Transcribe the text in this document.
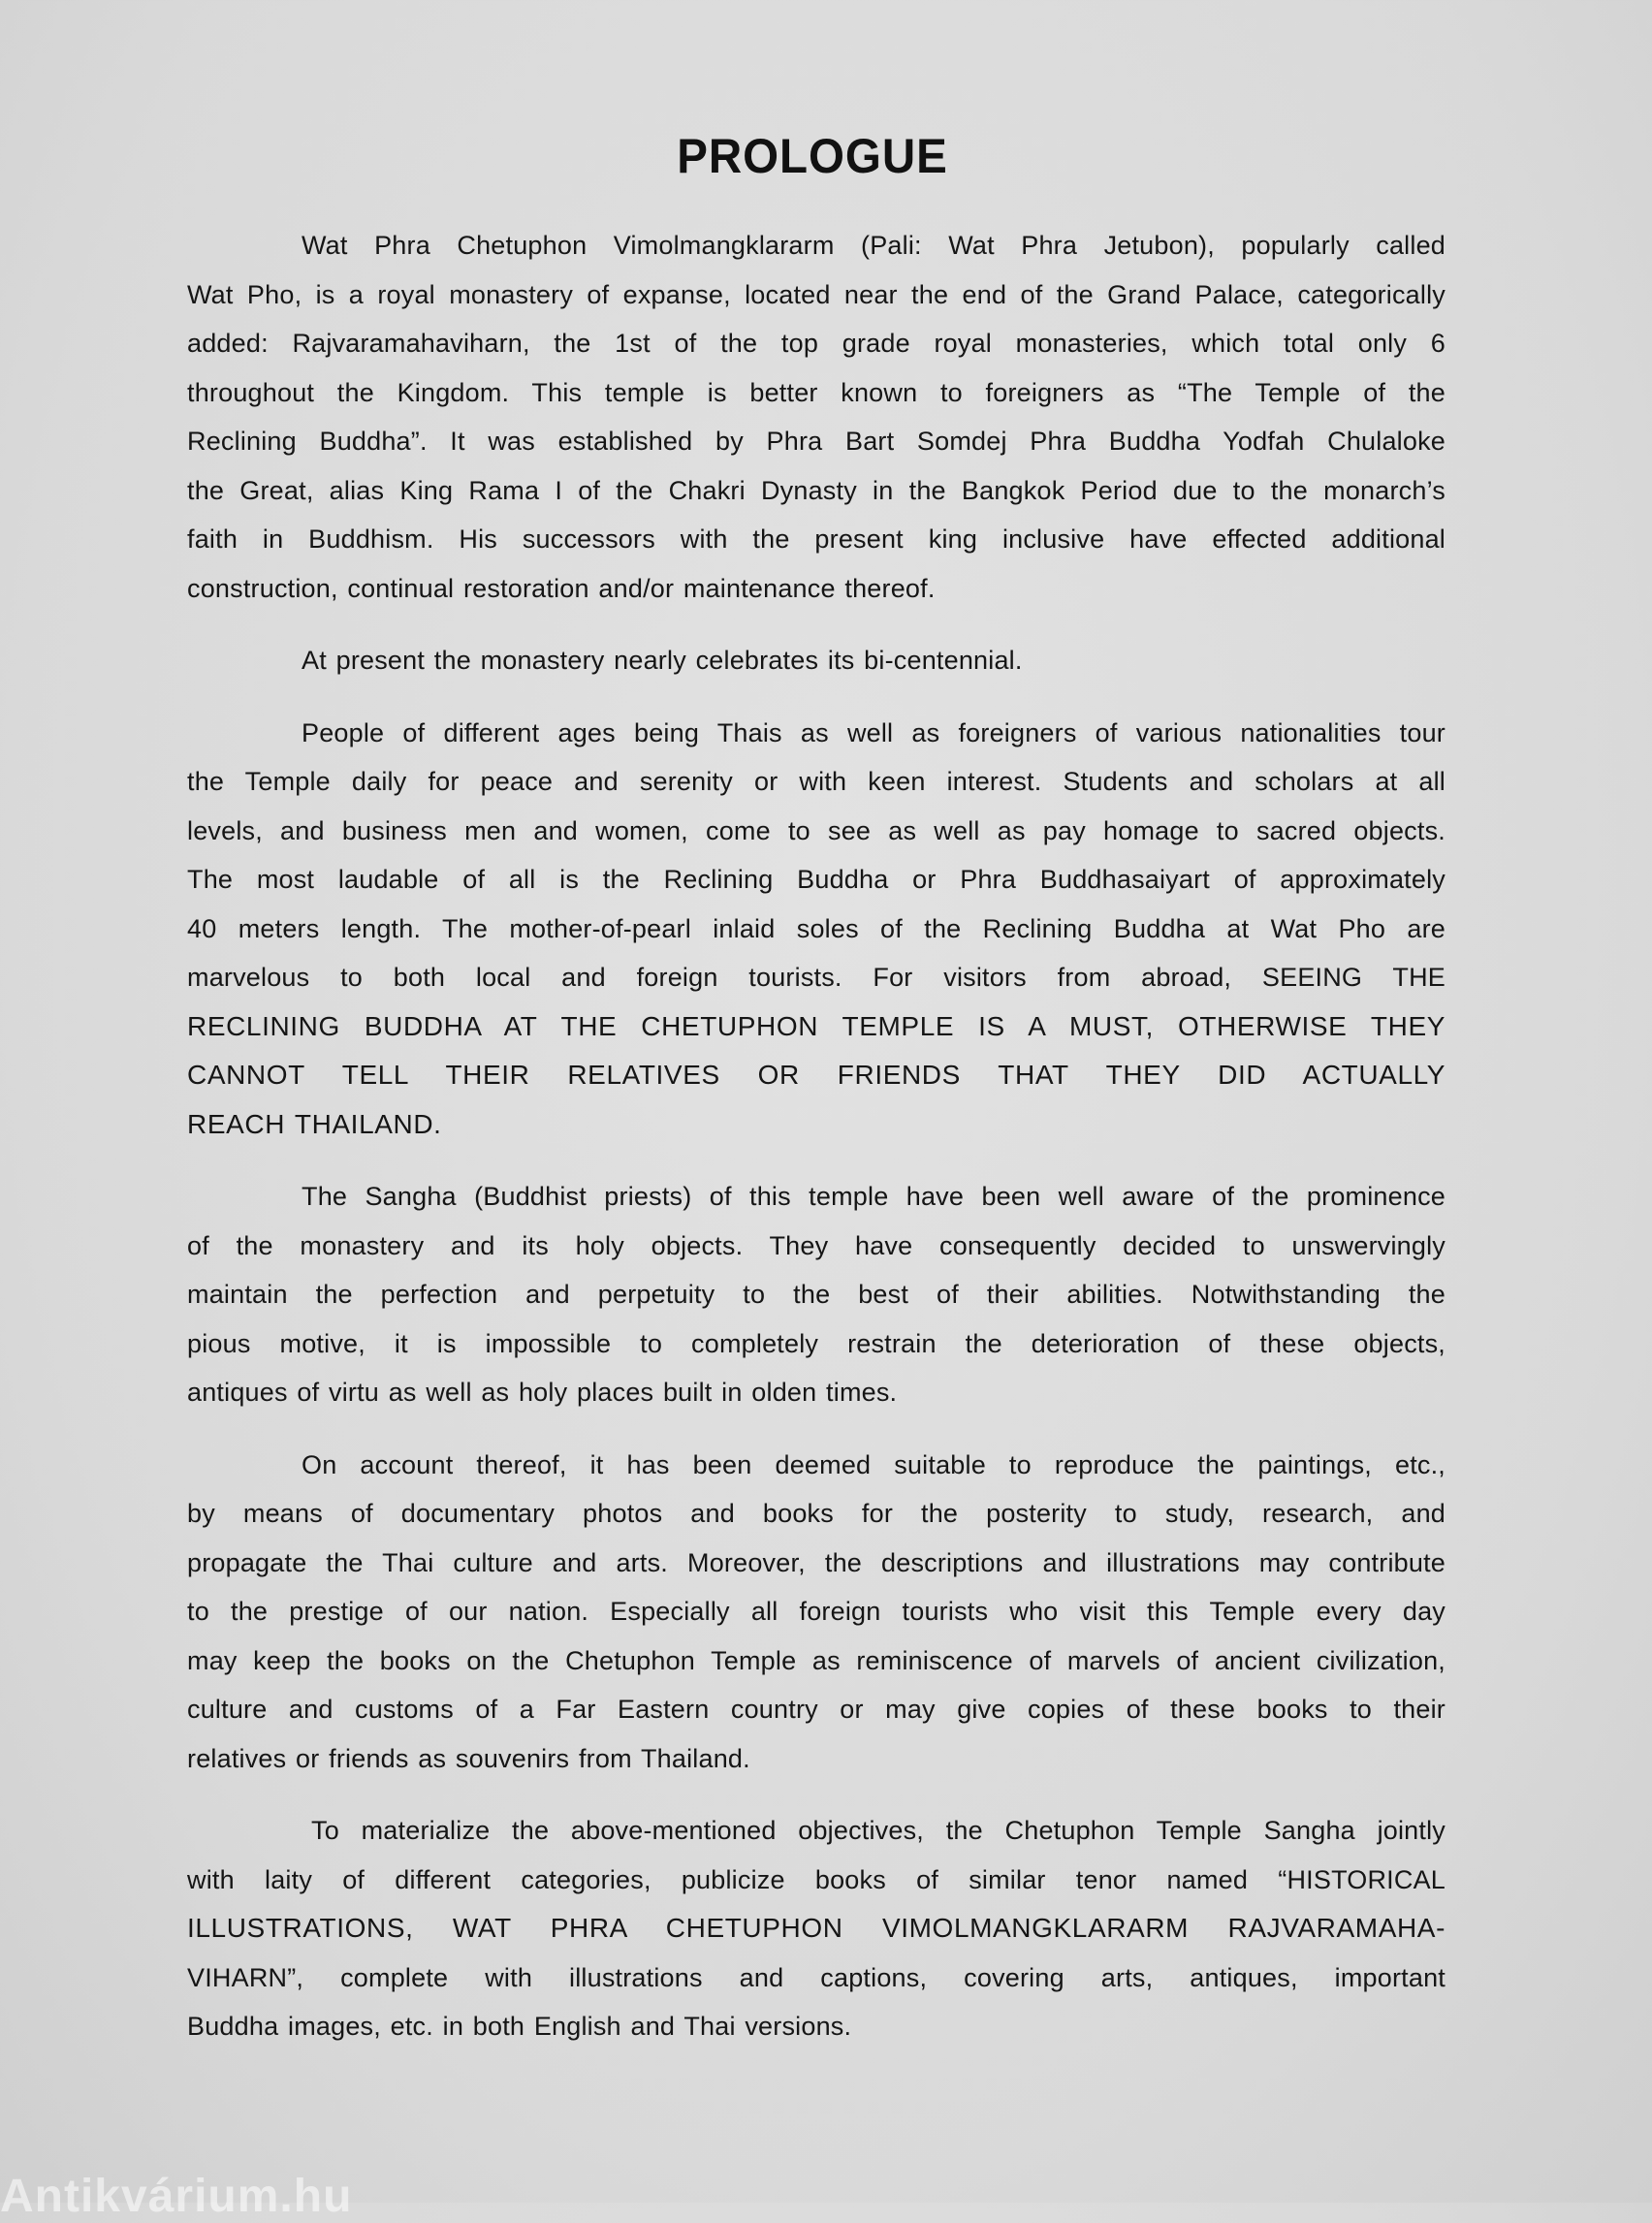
PROLOGUE

Wat Phra Chetuphon Vimolmangklararm (Pali: Wat Phra Jetubon), popularly called
Wat Pho, is a royal monastery of expanse, located near the end of the Grand Palace, categorically
added: Rajvaramahaviharn, the 1st of the top grade royal monasteries, which total only 6
throughout the Kingdom. This temple is better known to foreigners as “The Temple of the
Reclining Buddha”. It was established by Phra Bart Somdej Phra Buddha Yodfah Chulaloke
the Great, alias King Rama I of the Chakri Dynasty in the Bangkok Period due to the monarch’s
faith in Buddhism. His successors with the present king inclusive have effected additional
construction, continual restoration and/or maintenance thereof.

At present the monastery nearly celebrates its bi-centennial.

People of different ages being Thais as well as foreigners of various nationalities tour
the Temple daily for peace and serenity or with keen interest. Students and scholars at all
levels, and business men and women, come to see as well as pay homage to sacred objects.
The most laudable of all is the Reclining Buddha or Phra Buddhasaiyart of approximately
40 meters length. The mother-of-pearl inlaid soles of the Reclining Buddha at Wat Pho are
marvelous to both local and foreign tourists. For visitors from abroad, SEEING THE
RECLINING BUDDHA AT THE CHETUPHON TEMPLE IS A MUST, OTHERWISE THEY
CANNOT TELL THEIR RELATIVES OR FRIENDS THAT THEY DID ACTUALLY
REACH THAILAND.

The Sangha (Buddhist priests) of this temple have been well aware of the prominence
of the monastery and its holy objects. They have consequently decided to unswervingly
maintain the perfection and perpetuity to the best of their abilities. Notwithstanding the
pious motive, it is impossible to completely restrain the deterioration of these objects,
antiques of virtu as well as holy places built in olden times.

On account thereof, it has been deemed suitable to reproduce the paintings, etc.,
by means of documentary photos and books for the posterity to study, research, and
propagate the Thai culture and arts. Moreover, the descriptions and illustrations may contribute
to the prestige of our nation. Especially all foreign tourists who visit this Temple every day
may keep the books on the Chetuphon Temple as reminiscence of marvels of ancient civilization,
culture and customs of a Far Eastern country or may give copies of these books to their
relatives or friends as souvenirs from Thailand.

To materialize the above-mentioned objectives, the Chetuphon Temple Sangha jointly
with laity of different categories, publicize books of similar tenor named “HISTORICAL
ILLUSTRATIONS, WAT PHRA CHETUPHON VIMOLMANGKLARARM RAJVARAMAHA-
VIHARN”, complete with illustrations and captions, covering arts, antiques, important
Buddha images, etc. in both English and Thai versions.

Antikvárium.hu
